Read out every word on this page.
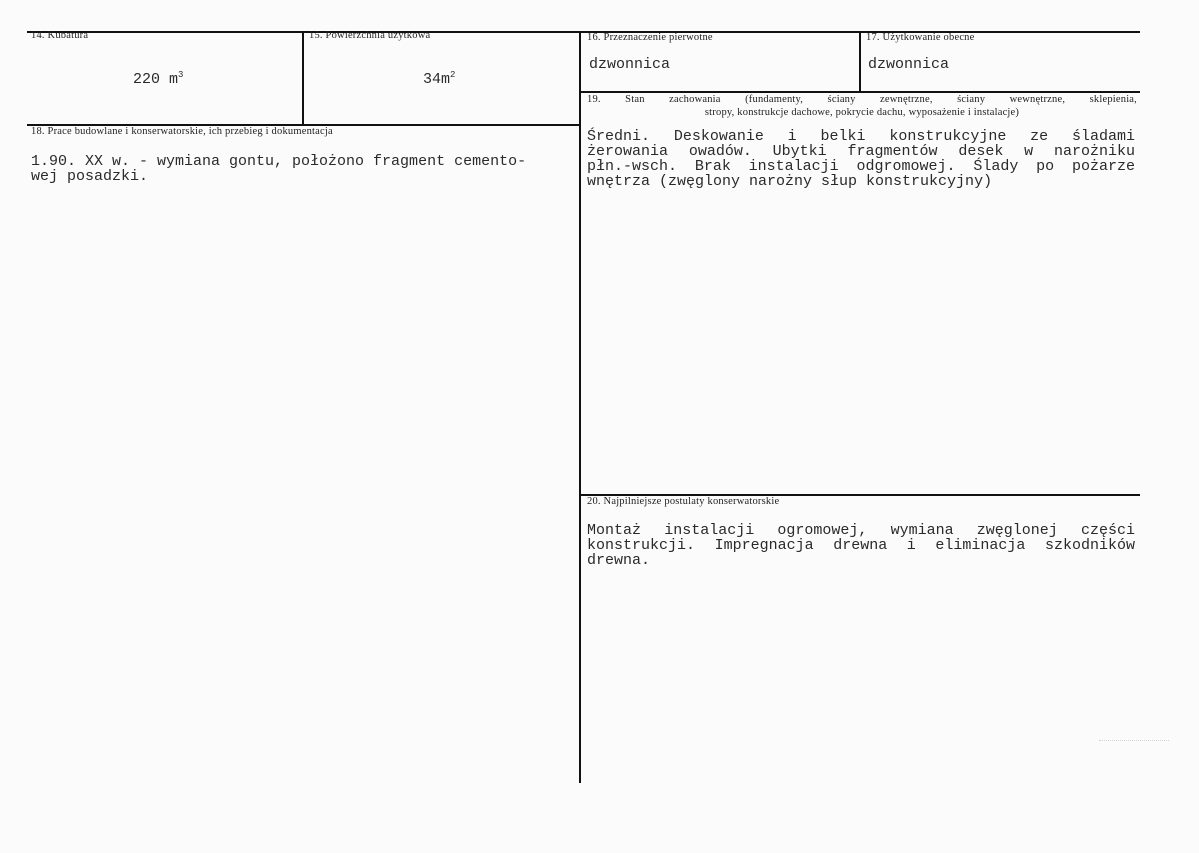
14. Kubatura
220 $m^3$
15. Powierzchnia użytkowa
$34m^2$
16. Przeznaczenie pierwotne
dzwonnica
17. Użytkowanie obecne
dzwonnica
19. Stan zachowania (fundamenty, ściany zewnętrzne, ściany wewnętrzne, sklepienia,
stropy, konstrukcje dachowe, pokrycie dachu, wyposażenie i instalacje)
Średni. Deskowanie i belki konstrukcyjne ze śladami
żerowania owadów. Ubytki fragmentów desek w narożniku
płn.-wsch. Brak instalacji odgromowej. Ślady po pożarze
wnętrza (zwęglony narożny słup konstrukcyjny)
18. Prace budowlane i konserwatorskie, ich przebieg i dokumentacja
1.90. XX w. - wymiana gontu, położono fragment cemento-
wej posadzki.
20. Najpilniejsze postulaty konserwatorskie
Montaż instalacji ogromowej, wymiana zwęglonej części
konstrukcji. Impregnacja drewna i eliminacja szkodników
drewna.
